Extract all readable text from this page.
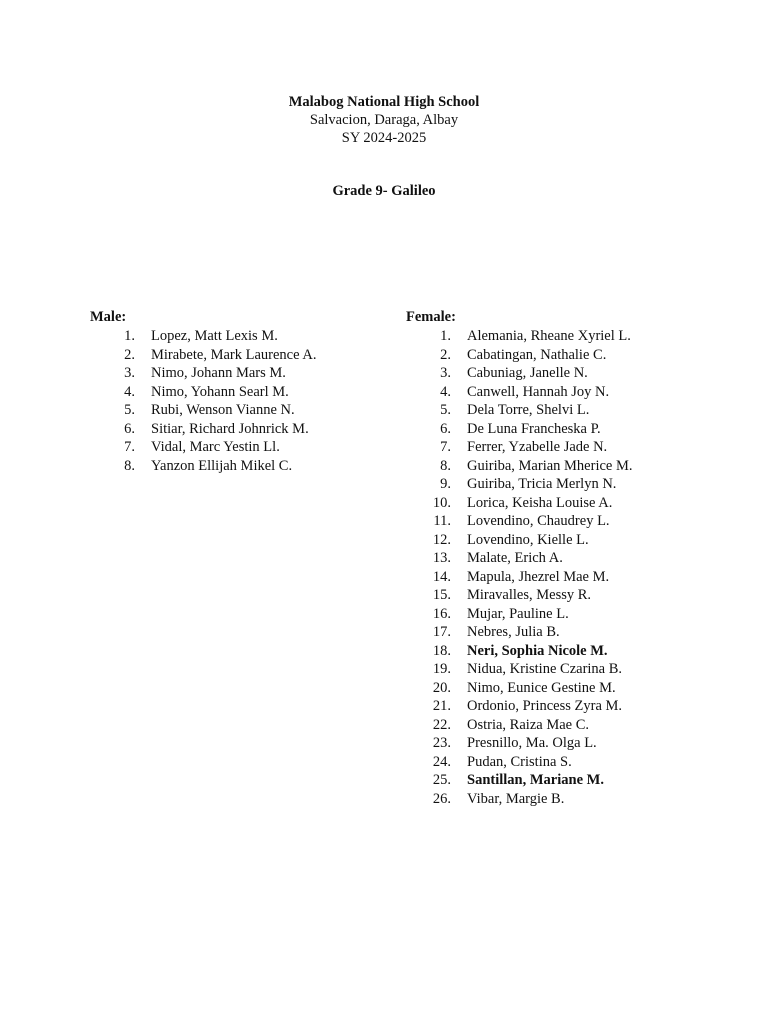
Malabog National High School
Salvacion, Daraga, Albay
SY 2024-2025
Grade 9- Galileo
Male:
1. Lopez, Matt Lexis M.
2. Mirabete, Mark Laurence A.
3. Nimo, Johann Mars M.
4. Nimo, Yohann Searl M.
5. Rubi, Wenson Vianne N.
6. Sitiar, Richard Johnrick M.
7. Vidal, Marc Yestin Ll.
8. Yanzon Ellijah Mikel C.
Female:
1. Alemania, Rheane Xyriel L.
2. Cabatingan, Nathalie C.
3. Cabuniag, Janelle N.
4. Canwell, Hannah Joy N.
5. Dela Torre, Shelvi L.
6. De Luna Francheska P.
7. Ferrer, Yzabelle Jade N.
8. Guiriba, Marian Mherice M.
9. Guiriba, Tricia Merlyn N.
10. Lorica, Keisha Louise A.
11. Lovendino, Chaudrey L.
12. Lovendino, Kielle L.
13. Malate, Erich A.
14. Mapula, Jhezrel Mae M.
15. Miravalles, Messy R.
16. Mujar, Pauline L.
17. Nebres, Julia B.
18. Neri, Sophia Nicole M.
19. Nidua, Kristine Czarina B.
20. Nimo, Eunice Gestine M.
21. Ordonio, Princess Zyra M.
22. Ostria, Raiza Mae C.
23. Presnillo, Ma. Olga L.
24. Pudan, Cristina S.
25. Santillan, Mariane M.
26. Vibar, Margie B.
